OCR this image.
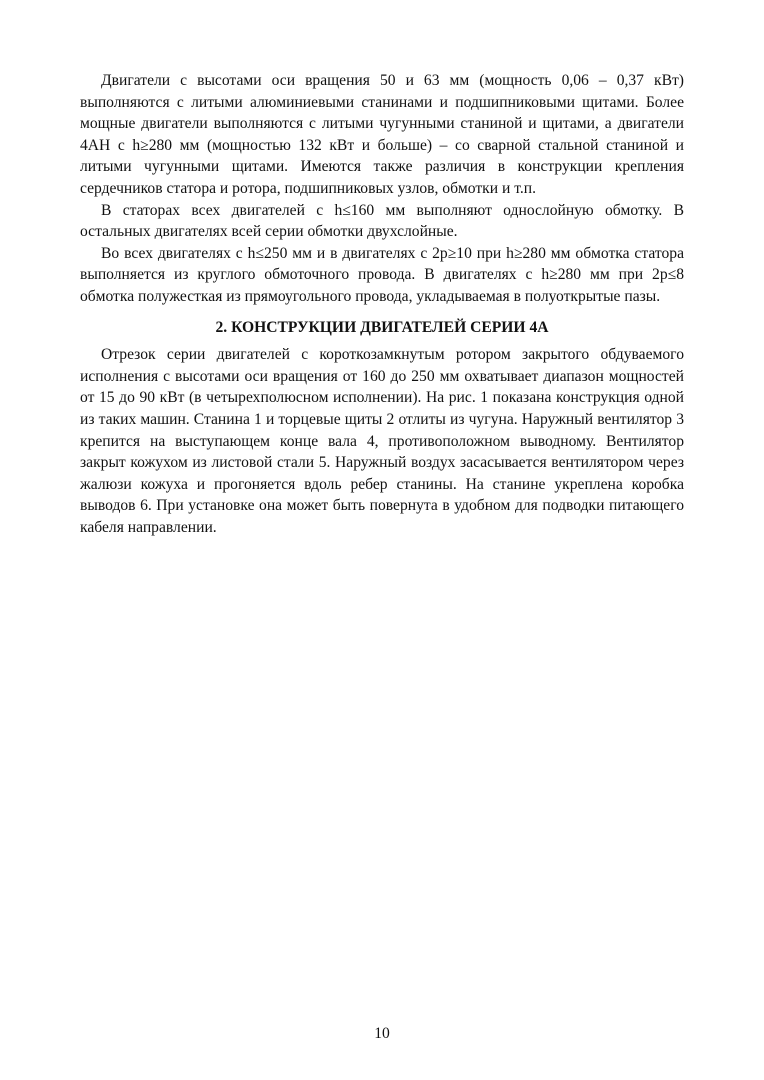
Двигатели с высотами оси вращения 50 и 63 мм (мощность 0,06 – 0,37 кВт) выполняются с литыми алюминиевыми станинами и подшипниковыми щитами. Более мощные двигатели выполняются с литыми чугунными станиной и щитами, а двигатели 4АН с h≥280 мм (мощностью 132 кВт и больше) – со сварной стальной станиной и литыми чугунными щитами. Имеются также различия в конструкции крепления сердечников статора и ротора, подшипниковых узлов, обмотки и т.п.

В статорах всех двигателей с h≤160 мм выполняют однослойную обмотку. В остальных двигателях всей серии обмотки двухслойные.

Во всех двигателях с h≤250 мм и в двигателях с 2p≥10 при h≥280 мм обмотка статора выполняется из круглого обмоточного провода. В двигателях с h≥280 мм при 2p≤8 обмотка полужесткая из прямоугольного провода, укладываемая в полуоткрытые пазы.

2. КОНСТРУКЦИИ ДВИГАТЕЛЕЙ СЕРИИ 4А

Отрезок серии двигателей с короткозамкнутым ротором закрытого обдуваемого исполнения с высотами оси вращения от 160 до 250 мм охватывает диапазон мощностей от 15 до 90 кВт (в четырехполюсном исполнении). На рис. 1 показана конструкция одной из таких машин. Станина 1 и торцевые щиты 2 отлиты из чугуна. Наружный вентилятор 3 крепится на выступающем конце вала 4, противоположном выводному. Вентилятор закрыт кожухом из листовой стали 5. Наружный воздух засасывается вентилятором через жалюзи кожуха и прогоняется вдоль ребер станины. На станине укреплена коробка выводов 6. При установке она может быть повернута в удобном для подводки питающего кабеля направлении.

10
